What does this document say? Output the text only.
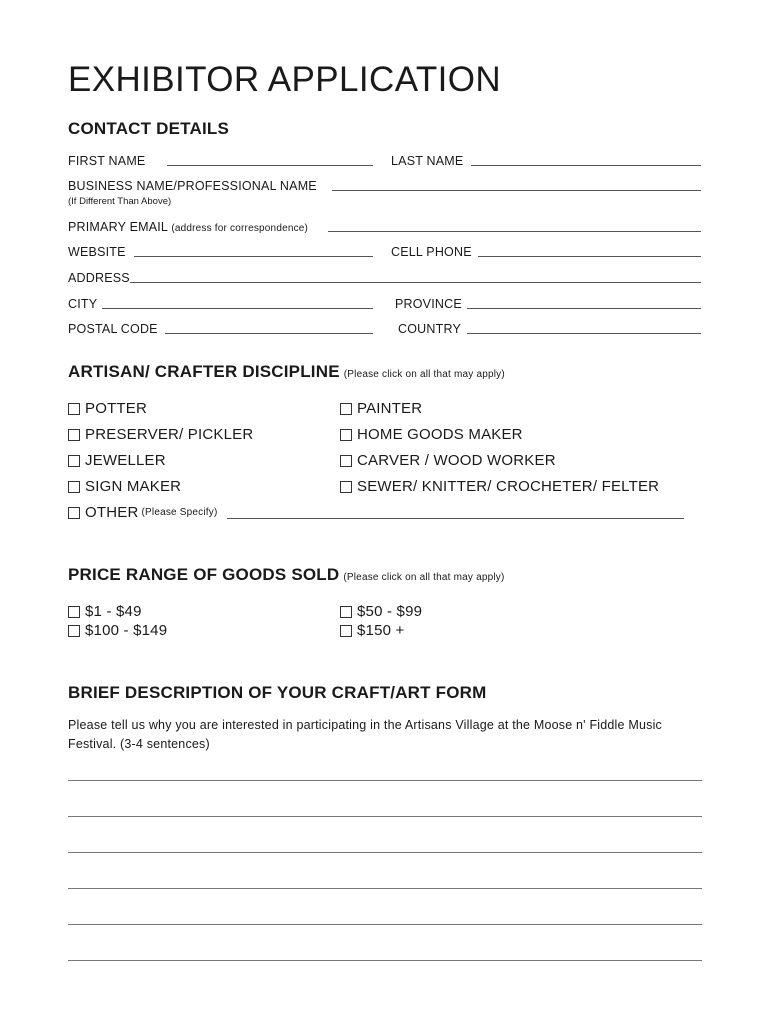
EXHIBITOR APPLICATION
CONTACT DETAILS
FIRST NAME	LAST NAME
BUSINESS NAME/PROFESSIONAL NAME
(If Different Than Above)
PRIMARY EMAIL (address for correspondence)
WEBSITE	CELL PHONE
ADDRESS
CITY	PROVINCE
POSTAL CODE	COUNTRY
ARTISAN/ CRAFTER DISCIPLINE (Please click on all that may apply)
POTTER
PRESERVER/ PICKLER
JEWELLER
SIGN MAKER
PAINTER
HOME GOODS MAKER
CARVER / WOOD WORKER
SEWER/ KNITTER/ CROCHETER/ FELTER
OTHER (Please Specify)
PRICE RANGE OF GOODS SOLD (Please click on all that may apply)
$1 - $49
$100 - $149
$50 - $99
$150 +
BRIEF DESCRIPTION OF YOUR CRAFT/ART FORM
Please tell us why you are interested in participating in the Artisans Village at the Moose n' Fiddle Music Festival. (3-4 sentences)
